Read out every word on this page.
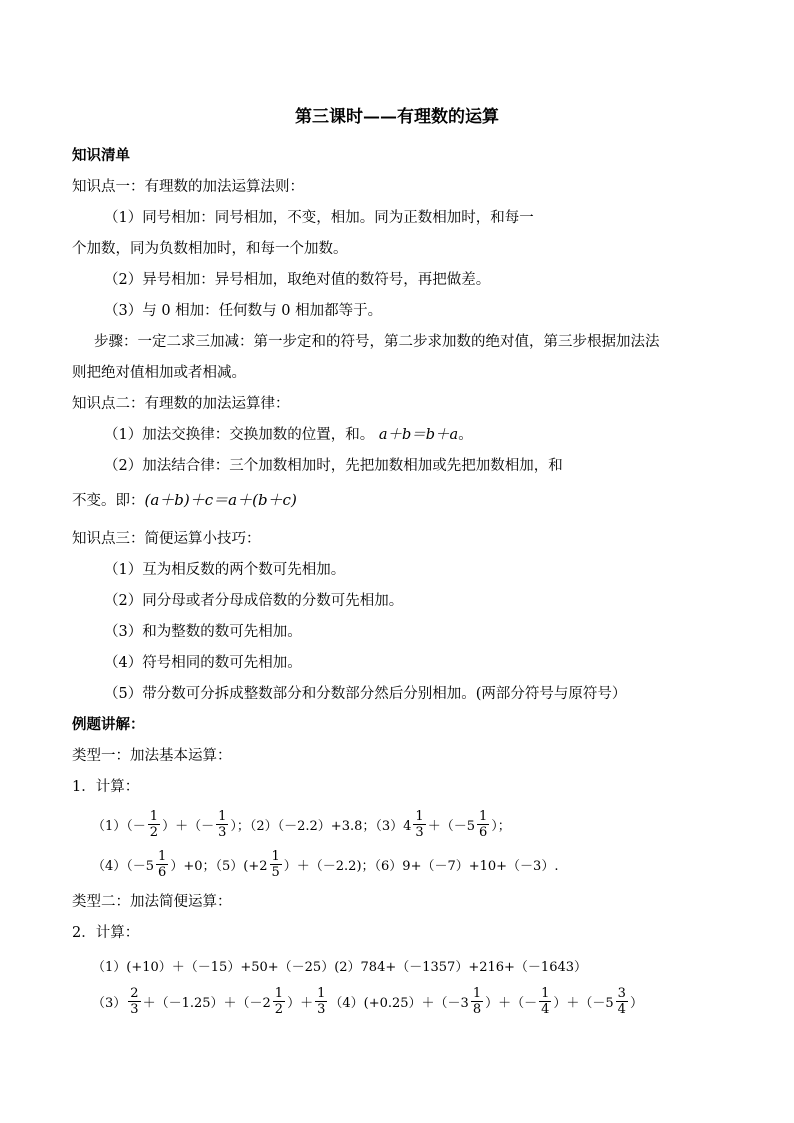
第三课时——有理数的运算
知识清单
知识点一：有理数的加法运算法则：
（1）同号相加：同号相加，不变，相加。同为正数相加时，和每一
个加数，同为负数相加时，和每一个加数。
（2）异号相加：异号相加，取绝对值的数符号，再把做差。
（3）与 0 相加：任何数与 0 相加都等于。
步骤：一定二求三加减：第一步定和的符号，第二步求加数的绝对值，第三步根据加法法
则把绝对值相加或者相减。
知识点二：有理数的加法运算律：
（1）加法交换律：交换加数的位置，和。 a＋b＝b＋a。
（2）加法结合律：三个加数相加时，先把加数相加或先把加数相加，和
不变。即：(a＋b)＋c＝a＋(b＋c)
知识点三：简便运算小技巧：
（1）互为相反数的两个数可先相加。
（2）同分母或者分母成倍数的分数可先相加。
（3）和为整数的数可先相加。
（4）符号相同的数可先相加。
（5）带分数可分拆成整数部分和分数部分然后分别相加。(两部分符号与原符号）
例题讲解：
类型一：加法基本运算：
1．计算：
$(1)(- \frac{1}{2}$ ）＋（－ $\frac{1}{3}$ ）；（2）（－2.2）+3.8；$(3)4 \frac{1}{3} +(-5 \frac{1}{6}$ ）；
$(4)(-5 \frac{1}{6} )+0$；$(5)(+2 \frac{1}{5} )+(-2.2)$；（6）9+（－7）+10+（－3）.
类型二：加法简便运算：
2．计算：
（1）(+10）＋（－15）+50+（－25）(2）784+（－1357）+216+（－1643）
$(3) \frac{2}{3} +(-1.25)+(-2 \frac{1}{2}$ ）＋ $\frac{1}{3} (4)(+0.25)+(-3 \frac{1}{8}$ ）＋（－ $\frac{1}{4} )+(-5 \frac{3}{4}$ ）
